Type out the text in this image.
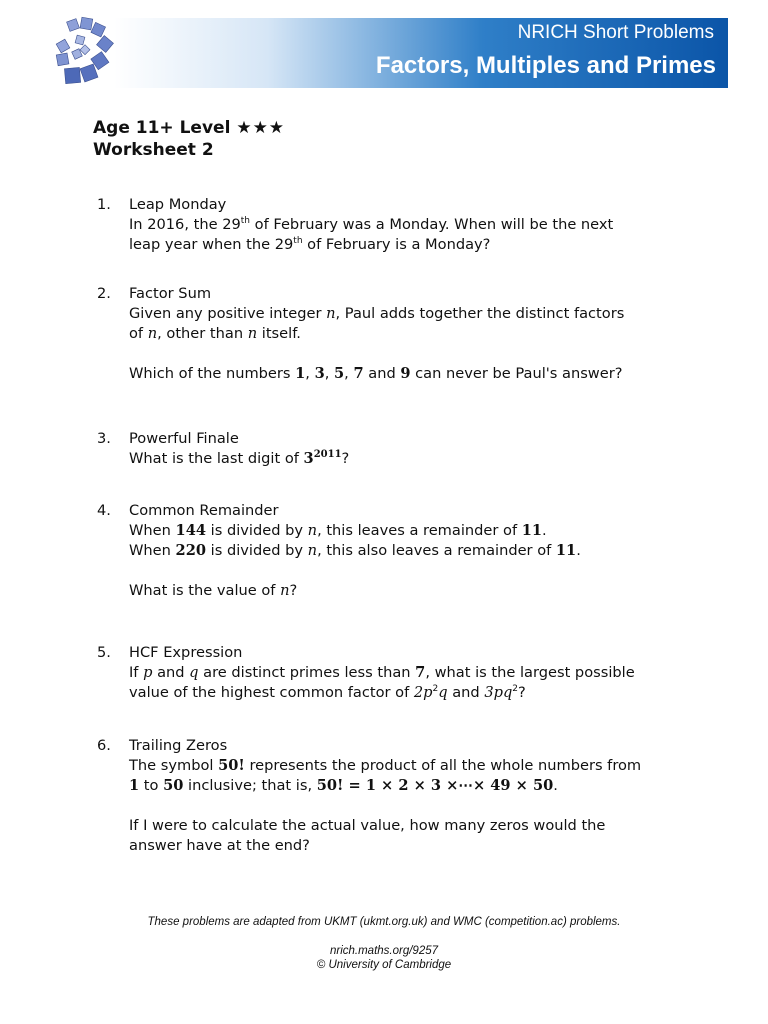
NRICH Short Problems
Factors, Multiples and Primes
Age 11+ Level ★★★
Worksheet 2
1.	Leap Monday
In 2016, the 29th of February was a Monday. When will be the next
leap year when the 29th of February is a Monday?
2.	Factor Sum
Given any positive integer n, Paul adds together the distinct factors
of n, other than n itself.
Which of the numbers 1, 3, 5, 7 and 9 can never be Paul's answer?
3.	Powerful Finale
What is the last digit of $3^{2011}$?
4.	Common Remainder
When 144 is divided by n, this leaves a remainder of 11.
When 220 is divided by n, this also leaves a remainder of 11.
What is the value of n?
5.	HCF Expression
If p and q are distinct primes less than 7, what is the largest possible
value of the highest common factor of $2p^2q$ and $3pq^2$?
6.	Trailing Zeros
The symbol 50! represents the product of all the whole numbers from
1 to 50 inclusive; that is, 50! = 1 × 2 × 3 ×⋯× 49 × 50.
If I were to calculate the actual value, how many zeros would the
answer have at the end?
These problems are adapted from UKMT (ukmt.org.uk) and WMC (competition.ac) problems.
nrich.maths.org/9257
© University of Cambridge
